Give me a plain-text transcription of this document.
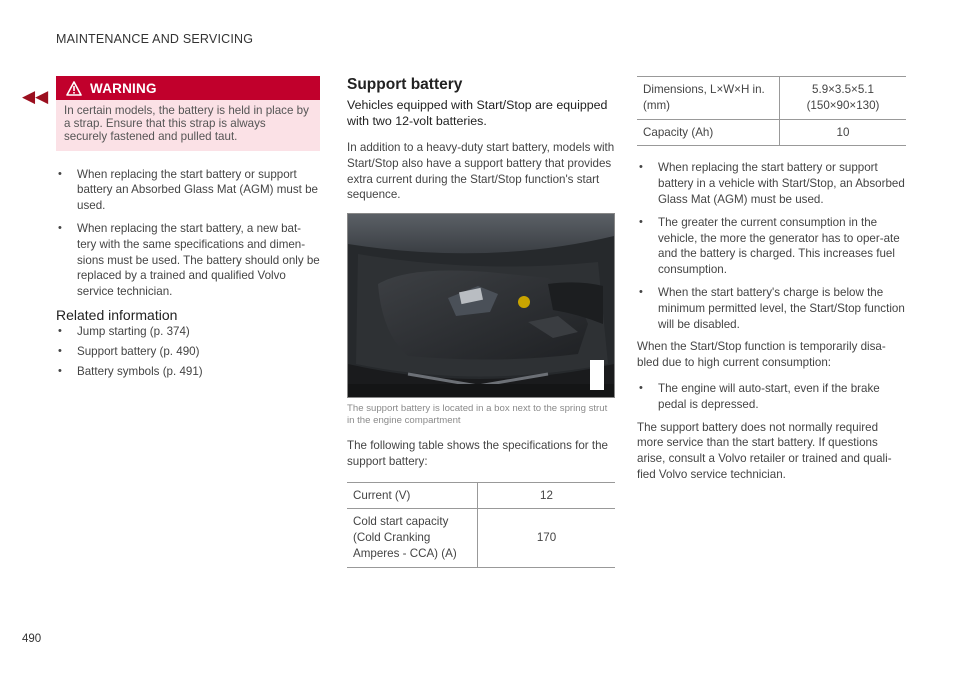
MAINTENANCE AND SERVICING
◀◀
490
WARNING
In certain models, the battery is held in place by a strap. Ensure that this strap is always securely fastened and pulled taut.
• When replacing the start battery or support battery an Absorbed Glass Mat (AGM) must be used.
• When replacing the start battery, a new bat-tery with the same specifications and dimen-sions must be used. The battery should only be replaced by a trained and qualified Volvo service technician.
Related information
• Jump starting (p. 374)
• Support battery (p. 490)
• Battery symbols (p. 491)
Support battery

Vehicles equipped with Start/Stop are equipped with two 12-volt batteries.

In addition to a heavy-duty start battery, models with Start/Stop also have a support battery that provides extra current during the Start/Stop function's start sequence.

The support battery is located in a box next to the spring strut in the engine compartment

The following table shows the specifications for the support battery:

Current (V)	12
Cold start capacity (Cold Cranking Amperes - CCA) (A)	170
Dimensions, L×W×H in. (mm)	5.9×3.5×5.1 (150×90×130)
Capacity (Ah)	10
• When replacing the start battery or support battery in a vehicle with Start/Stop, an Absorbed Glass Mat (AGM) must be used.
• The greater the current consumption in the vehicle, the more the generator has to oper-ate and the battery is charged. This increases fuel consumption.
• When the start battery's charge is below the minimum permitted level, the Start/Stop function will be disabled.

When the Start/Stop function is temporarily disa-bled due to high current consumption:

• The engine will auto-start, even if the brake pedal is depressed.

The support battery does not normally required more service than the start battery. If questions arise, consult a Volvo retailer or trained and quali-fied Volvo service technician.
